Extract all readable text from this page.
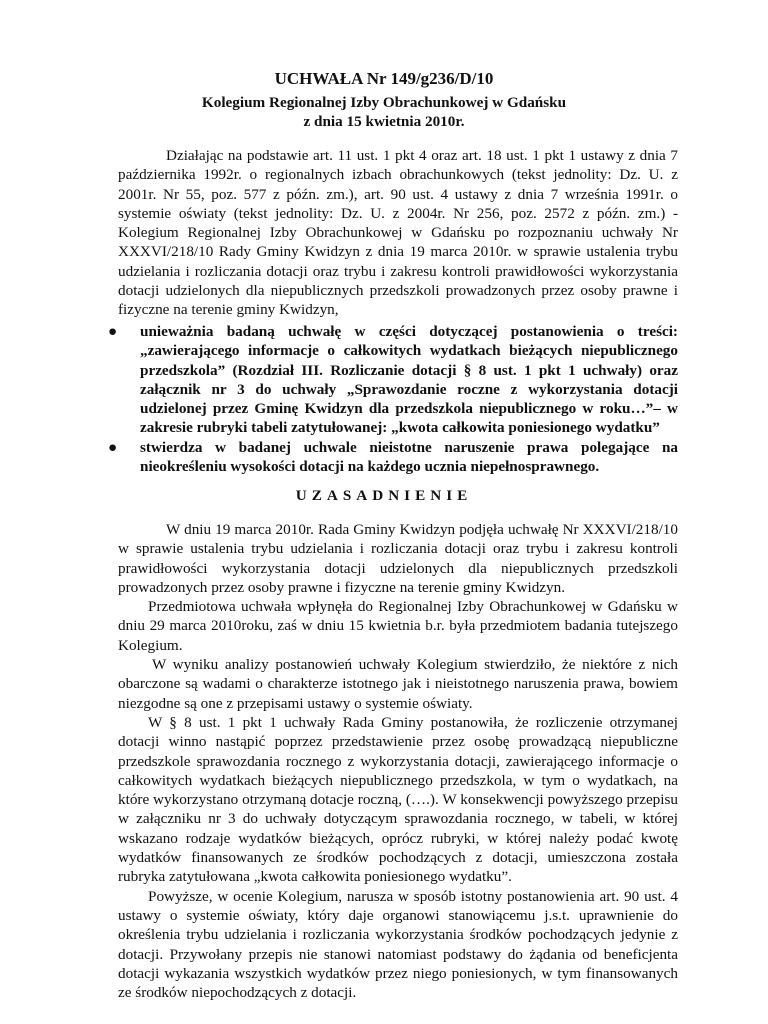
UCHWAŁA Nr 149/g236/D/10
Kolegium Regionalnej Izby Obrachunkowej w Gdańsku
z dnia 15 kwietnia 2010r.

Działając na podstawie art. 11 ust. 1 pkt 4 oraz art. 18 ust. 1 pkt 1 ustawy z dnia 7 października 1992r. o regionalnych izbach obrachunkowych (tekst jednolity: Dz. U. z 2001r. Nr 55, poz. 577 z późn. zm.), art. 90 ust. 4 ustawy z dnia 7 września 1991r. o systemie oświaty (tekst jednolity: Dz. U. z 2004r. Nr 256, poz. 2572 z późn. zm.) - Kolegium Regionalnej Izby Obrachunkowej w Gdańsku po rozpoznaniu uchwały Nr XXXVI/218/10 Rady Gminy Kwidzyn z dnia 19 marca 2010r. w sprawie ustalenia trybu udzielania i rozliczania dotacji oraz trybu i zakresu kontroli prawidłowości wykorzystania dotacji udzielonych dla niepublicznych przedszkoli prowadzonych przez osoby prawne i fizyczne na terenie gminy Kwidzyn,

● unieważnia badaną uchwałę w części dotyczącej postanowienia o treści: „zawierającego informacje o całkowitych wydatkach bieżących niepublicznego przedszkola” (Rozdział III. Rozliczanie dotacji § 8 ust. 1 pkt 1 uchwały) oraz załącznik nr 3 do uchwały „Sprawozdanie roczne z wykorzystania dotacji udzielonej przez Gminę Kwidzyn dla przedszkola niepublicznego w roku…”– w zakresie rubryki tabeli zatytułowanej: „kwota całkowita poniesionego wydatku”
● stwierdza w badanej uchwale nieistotne naruszenie prawa polegające na nieokreśleniu wysokości dotacji na każdego ucznia niepełnosprawnego.
UZASADNIENIE

W dniu 19 marca 2010r. Rada Gminy Kwidzyn podjęła uchwałę Nr XXXVI/218/10 w sprawie ustalenia trybu udzielania i rozliczania dotacji oraz trybu i zakresu kontroli prawidłowości wykorzystania dotacji udzielonych dla niepublicznych przedszkoli prowadzonych przez osoby prawne i fizyczne na terenie gminy Kwidzyn.

Przedmiotowa uchwała wpłynęła do Regionalnej Izby Obrachunkowej w Gdańsku w dniu 29 marca 2010roku, zaś w dniu 15 kwietnia b.r. była przedmiotem badania tutejszego Kolegium.

W wyniku analizy postanowień uchwały Kolegium stwierdziło, że niektóre z nich obarczone są wadami o charakterze istotnego jak i nieistotnego naruszenia prawa, bowiem niezgodne są one z przepisami ustawy o systemie oświaty.

W § 8 ust. 1 pkt 1 uchwały Rada Gminy postanowiła, że rozliczenie otrzymanej dotacji winno nastąpić poprzez przedstawienie przez osobę prowadzącą niepubliczne przedszkole sprawozdania rocznego z wykorzystania dotacji, zawierającego informacje o całkowitych wydatkach bieżących niepublicznego przedszkola, w tym o wydatkach, na które wykorzystano otrzymaną dotacje roczną, (….). W konsekwencji powyższego przepisu w załączniku nr 3 do uchwały dotyczącym sprawozdania rocznego, w tabeli, w której wskazano rodzaje wydatków bieżących, oprócz rubryki, w której należy podać kwotę wydatków finansowanych ze środków pochodzących z dotacji, umieszczona została rubryka zatytułowana „kwota całkowita poniesionego wydatku”.

Powyższe, w ocenie Kolegium, narusza w sposób istotny postanowienia art. 90 ust. 4 ustawy o systemie oświaty, który daje organowi stanowiącemu j.s.t. uprawnienie do określenia trybu udzielania i rozliczania wykorzystania środków pochodzących jedynie z dotacji. Przywołany przepis nie stanowi natomiast podstawy do żądania od beneficjenta dotacji wykazania wszystkich wydatków przez niego poniesionych, w tym finansowanych ze środków niepochodzących z dotacji.
